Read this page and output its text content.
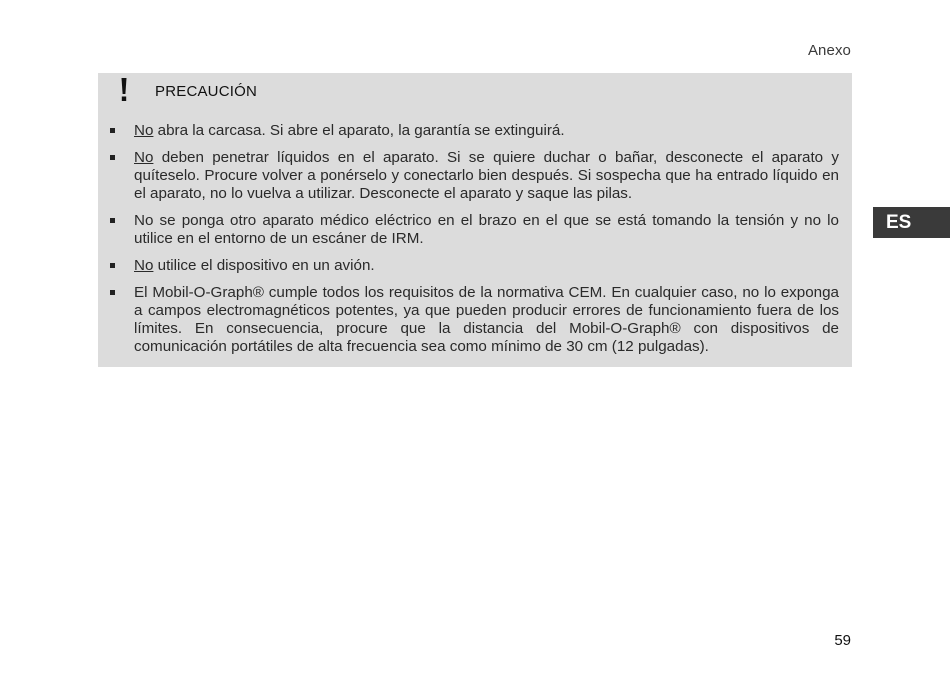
Anexo
ES
PRECAUCIÓN
No abra la carcasa. Si abre el aparato, la garantía se extinguirá.
No deben penetrar líquidos en el aparato. Si se quiere duchar o bañar, desconecte el aparato y quíteselo. Procure volver a ponérselo y conectarlo bien después. Si sospecha que ha entrado líquido en el aparato, no lo vuelva a utilizar. Desconecte el aparato y saque las pilas.
No se ponga otro aparato médico eléctrico en el brazo en el que se está tomando la tensión y no lo utilice en el entorno de un escáner de IRM.
No utilice el dispositivo en un avión.
El Mobil-O-Graph® cumple todos los requisitos de la normativa CEM. En cualquier caso, no lo exponga a campos electromagnéticos potentes, ya que pueden producir errores de funcionamiento fuera de los límites. En consecuencia, procure que la distancia del Mobil-O-Graph® con dispositivos de comunicación portátiles de alta frecuencia sea como mínimo de 30 cm (12 pulgadas).
59
